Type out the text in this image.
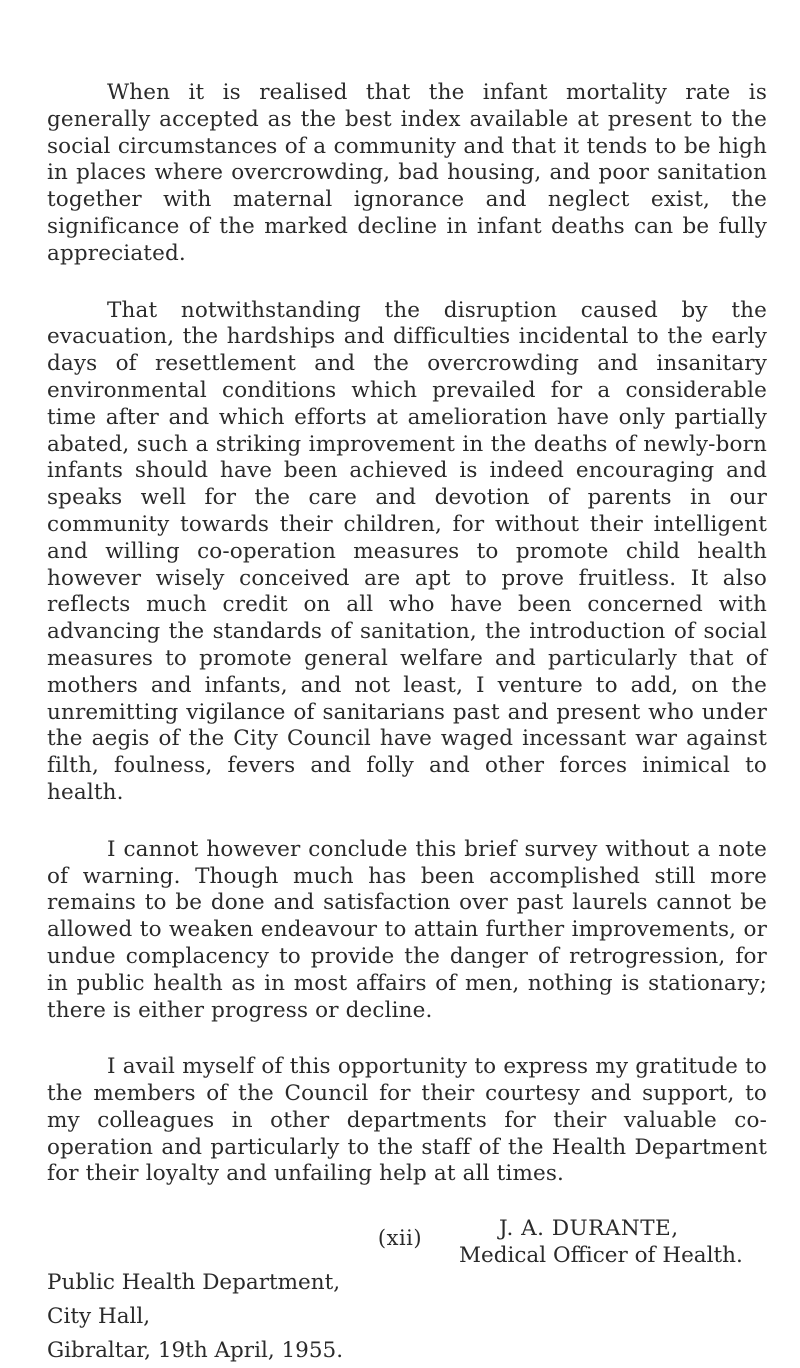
When it is realised that the infant mortality rate is generally accepted as the best index available at present to the social circumstances of a community and that it tends to be high in places where overcrowding, bad housing, and poor sanitation together with maternal ignorance and neglect exist, the significance of the marked decline in infant deaths can be fully appreciated.

That notwithstanding the disruption caused by the evacuation, the hardships and difficulties incidental to the early days of resettlement and the overcrowding and insanitary environmental conditions which prevailed for a considerable time after and which efforts at amelioration have only partially abated, such a striking improvement in the deaths of newly-born infants should have been achieved is indeed encouraging and speaks well for the care and devotion of parents in our community towards their children, for without their intelligent and willing co-operation measures to promote child health however wisely conceived are apt to prove fruitless. It also reflects much credit on all who have been concerned with advancing the standards of sanitation, the introduction of social measures to promote general welfare and particularly that of mothers and infants, and not least, I venture to add, on the unremitting vigilance of sanitarians past and present who under the aegis of the City Council have waged incessant war against filth, foulness, fevers and folly and other forces inimical to health.

I cannot however conclude this brief survey without a note of warning. Though much has been accomplished still more remains to be done and satisfaction over past laurels cannot be allowed to weaken endeavour to attain further improvements, or undue complacency to provide the danger of retrogression, for in public health as in most affairs of men, nothing is stationary; there is either progress or decline.

I avail myself of this opportunity to express my gratitude to the members of the Council for their courtesy and support, to my colleagues in other departments for their valuable co-operation and particularly to the staff of the Health Department for their loyalty and unfailing help at all times.

J. A. DURANTE,
Medical Officer of Health.
Public Health Department,
City Hall,
Gibraltar, 19th April, 1955.
(xii)
